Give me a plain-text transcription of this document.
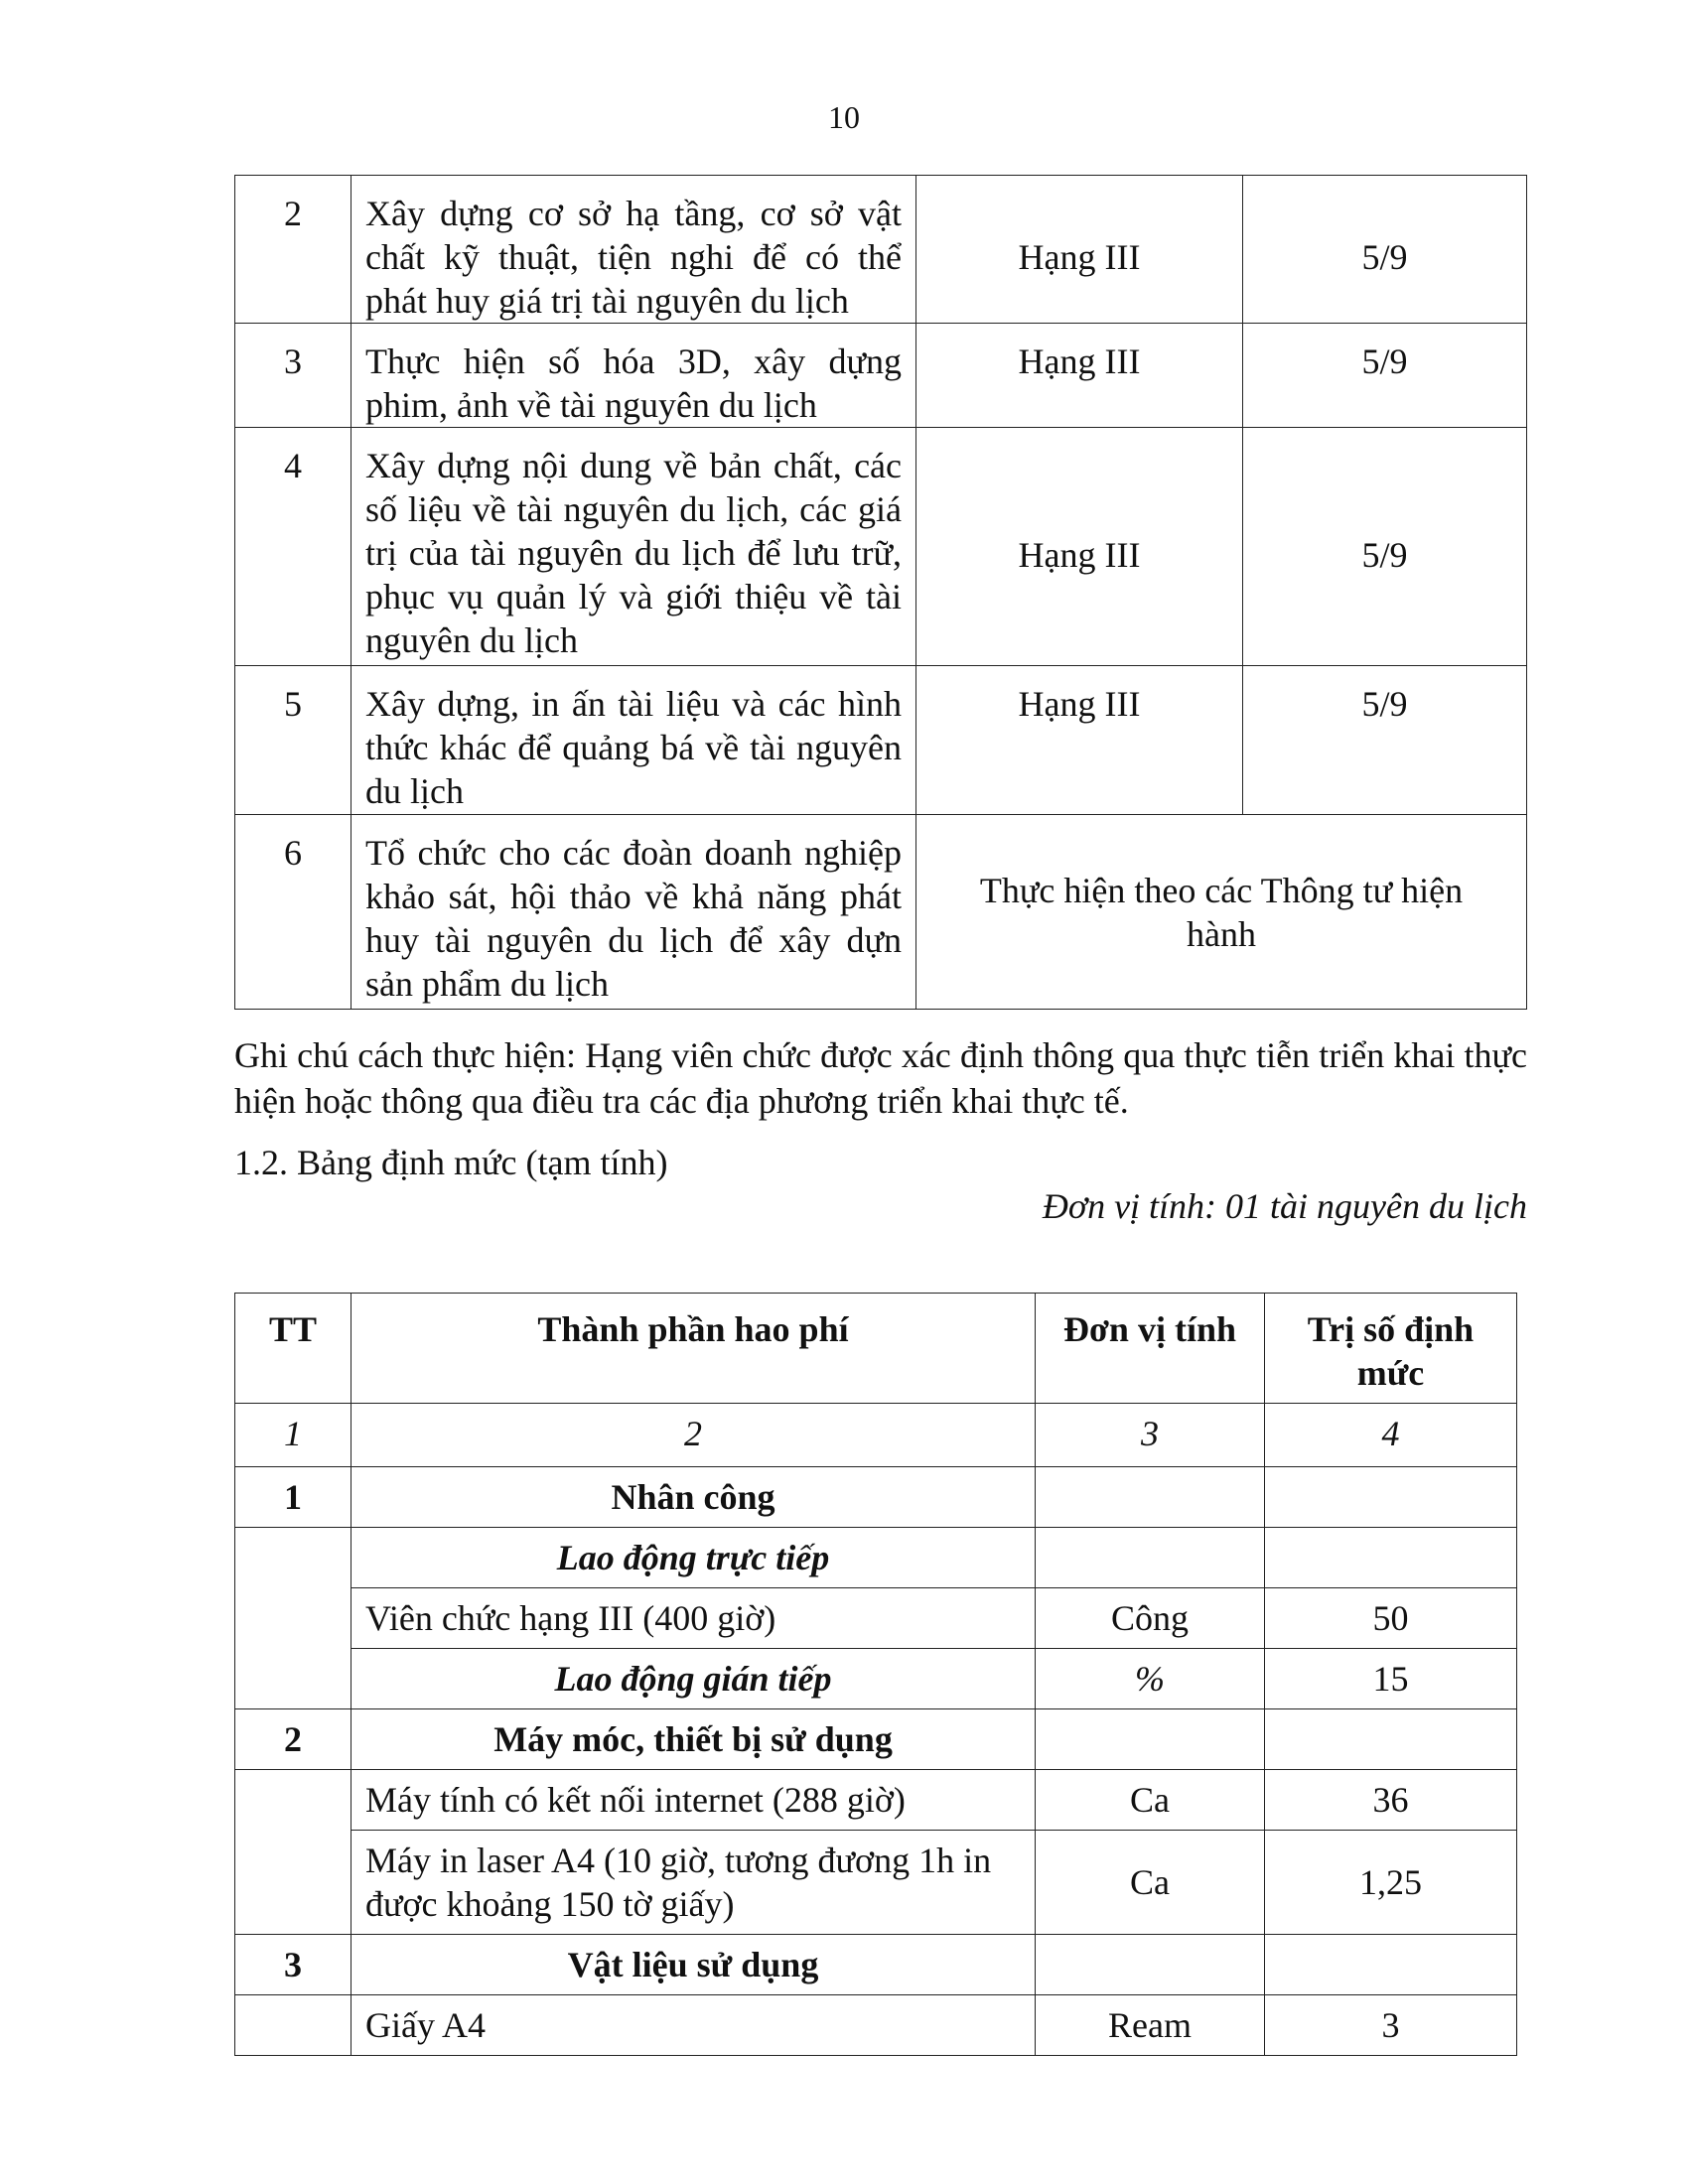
10
2	Xây dựng cơ sở hạ tầng, cơ sở vật chất kỹ thuật, tiện nghi để có thể phát huy giá trị tài nguyên du lịch	Hạng III	5/9
3	Thực hiện số hóa 3D, xây dựng phim, ảnh về tài nguyên du lịch	Hạng III	5/9
4	Xây dựng nội dung về bản chất, các số liệu về tài nguyên du lịch, các giá trị của tài nguyên du lịch để lưu trữ, phục vụ quản lý và giới thiệu về tài nguyên du lịch	Hạng III	5/9
5	Xây dựng, in ấn tài liệu và các hình thức khác để quảng bá về tài nguyên du lịch	Hạng III	5/9
6	Tổ chức cho các đoàn doanh nghiệp khảo sát, hội thảo về khả năng phát huy tài nguyên du lịch để xây dựn sản phẩm du lịch	Thực hiện theo các Thông tư hiện hành	
Ghi chú cách thực hiện: Hạng viên chức được xác định thông qua thực tiễn triển khai thực hiện hoặc thông qua điều tra các địa phương triển khai thực tế.
1.2. Bảng định mức (tạm tính)
Đơn vị tính: 01 tài nguyên du lịch
TT	Thành phần hao phí	Đơn vị tính	Trị số định mức
1	2	3	4
1	Nhân công		
	Lao động trực tiếp		
	Viên chức hạng III (400 giờ)	Công	50
	Lao động gián tiếp	%	15
2	Máy móc, thiết bị sử dụng		
	Máy tính có kết nối internet (288 giờ)	Ca	36
	Máy in laser A4 (10 giờ, tương đương 1h in được khoảng 150 tờ giấy)	Ca	1,25
3	Vật liệu sử dụng		
	Giấy A4	Ream	3
